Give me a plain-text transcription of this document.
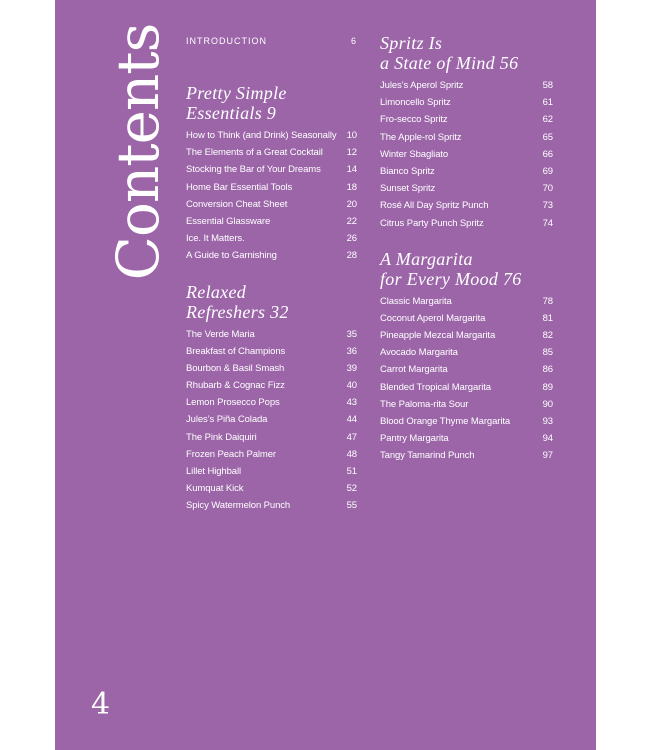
Contents
4
INTRODUCTION	6
Pretty Simple
Essentials 9
How to Think (and Drink) Seasonally	10
The Elements of a Great Cocktail	12
Stocking the Bar of Your Dreams	14
Home Bar Essential Tools	18
Conversion Cheat Sheet	20
Essential Glassware	22
Ice. It Matters.	26
A Guide to Garnishing	28
Relaxed
Refreshers 32
The Verde Maria	35
Breakfast of Champions	36
Bourbon & Basil Smash	39
Rhubarb & Cognac Fizz	40
Lemon Prosecco Pops	43
Jules’s Piña Colada	44
The Pink Daiquiri	47
Frozen Peach Palmer	48
Lillet Highball	51
Kumquat Kick	52
Spicy Watermelon Punch	55
Spritz Is
a State of Mind 56
Jules’s Aperol Spritz	58
Limoncello Spritz	61
Fro-secco Spritz	62
The Apple-rol Spritz	65
Winter Sbagliato	66
Bianco Spritz	69
Sunset Spritz	70
Rosé All Day Spritz Punch	73
Citrus Party Punch Spritz	74
A Margarita
for Every Mood 76
Classic Margarita	78
Coconut Aperol Margarita	81
Pineapple Mezcal Margarita	82
Avocado Margarita	85
Carrot Margarita	86
Blended Tropical Margarita	89
The Paloma-rita Sour	90
Blood Orange Thyme Margarita	93
Pantry Margarita	94
Tangy Tamarind Punch	97
